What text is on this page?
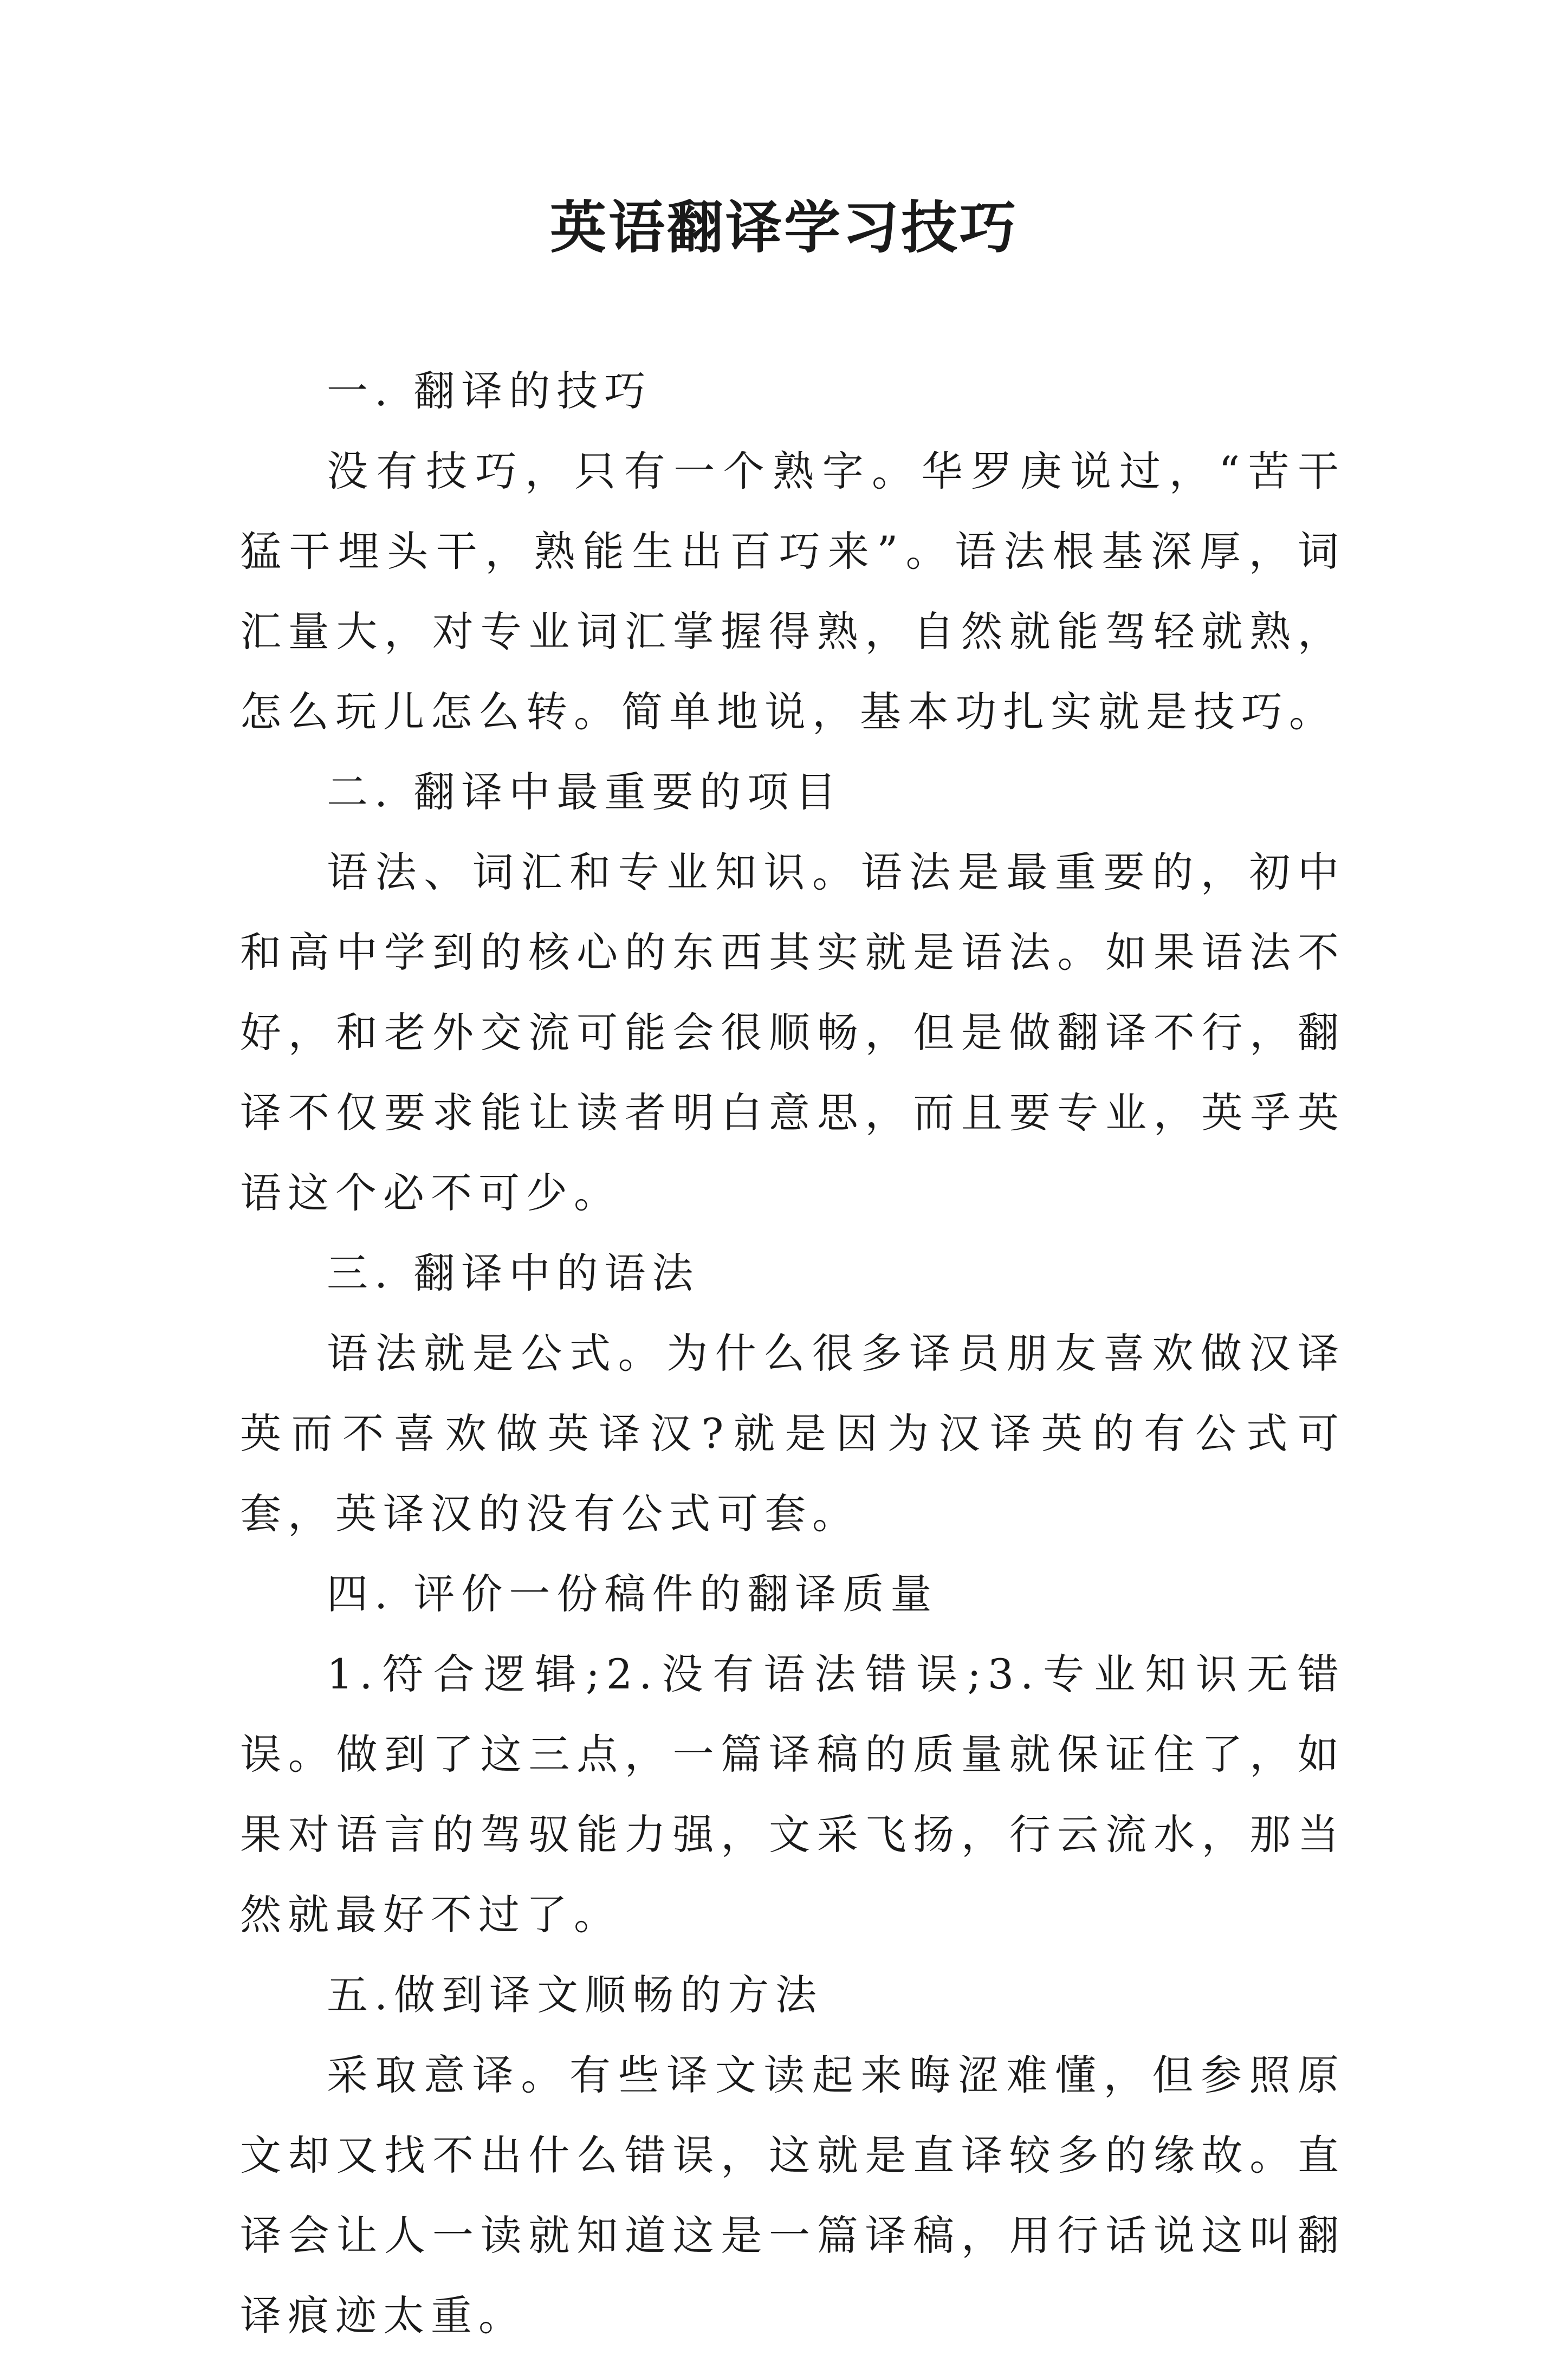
英语翻译学习技巧

一. 翻译的技巧

没有技巧，只有一个熟字。华罗庚说过，“苦干猛干埋头干，熟能生出百巧来”。语法根基深厚，词汇量大，对专业词汇掌握得熟，自然就能驾轻就熟，怎么玩儿怎么转。简单地说，基本功扎实就是技巧。

二. 翻译中最重要的项目

语法、词汇和专业知识。语法是最重要的，初中和高中学到的核心的东西其实就是语法。如果语法不好，和老外交流可能会很顺畅，但是做翻译不行，翻译不仅要求能让读者明白意思，而且要专业，英孚英语这个必不可少。

三. 翻译中的语法

语法就是公式。为什么很多译员朋友喜欢做汉译英而不喜欢做英译汉?就是因为汉译英的有公式可套，英译汉的没有公式可套。

四. 评价一份稿件的翻译质量

1.符合逻辑;2.没有语法错误;3.专业知识无错误。做到了这三点，一篇译稿的质量就保证住了，如果对语言的驾驭能力强，文采飞扬，行云流水，那当然就最好不过了。

五.做到译文顺畅的方法

采取意译。有些译文读起来晦涩难懂，但参照原文却又找不出什么错误，这就是直译较多的缘故。直译会让人一读就知道这是一篇译稿，用行话说这叫翻译痕迹太重。
